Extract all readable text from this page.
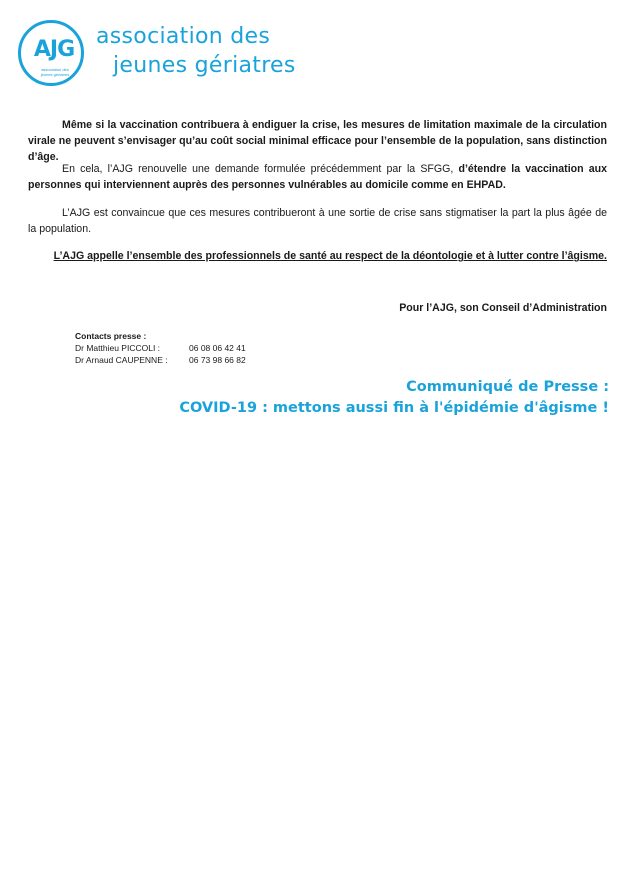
AJG
association des jeunes gériatres
association des
jeunes gériatres
Même si la vaccination contribuera à endiguer la crise, les mesures de limitation maximale de la circulation virale ne peuvent s’envisager qu’au coût social minimal efficace pour l’ensemble de la population, sans distinction d’âge.
En cela, l’AJG renouvelle une demande formulée précédemment par la SFGG, d’étendre la vaccination aux personnes qui interviennent auprès des personnes vulnérables au domicile comme en EHPAD.
L’AJG est convaincue que ces mesures contribueront à une sortie de crise sans stigmatiser la part la plus âgée de la population.
L’AJG appelle l’ensemble des professionnels de santé au respect de la déontologie et à lutter contre l’âgisme.
Pour l’AJG, son Conseil d’Administration
Contacts presse :
Dr Matthieu PICCOLI :	06 08 06 42 41
Dr Arnaud CAUPENNE :	06 73 98 66 82
Communiqué de Presse :
COVID-19 : mettons aussi fin à l'épidémie d'âgisme !
